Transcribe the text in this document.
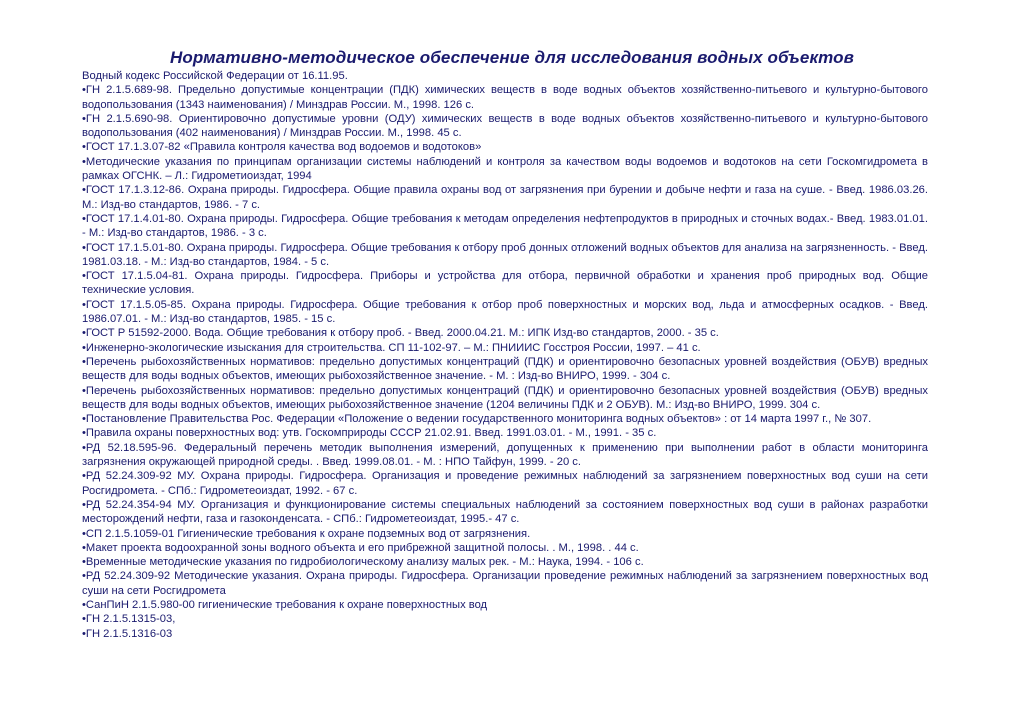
Нормативно-методическое обеспечение для исследования водных объектов

Водный кодекс Российской Федерации от 16.11.95.

•ГН 2.1.5.689-98. Предельно допустимые концентрации (ПДК) химических веществ в воде водных объектов хозяйственно-питьевого и культурно-бытового водопользования (1343 наименования) / Минздрав России. М., 1998. 126 с.
•ГН 2.1.5.690-98. Ориентировочно допустимые уровни (ОДУ) химических веществ в воде водных объектов хозяйственно-питьевого и культурно-бытового водопользования (402 наименования) / Минздрав России. М., 1998. 45 с.
•ГОСТ 17.1.3.07-82 «Правила контроля качества вод водоемов и водотоков»
•Методические указания по принципам организации системы наблюдений и контроля за качеством воды водоемов и водотоков на сети Госкомгидромета в рамках ОГСНК. – Л.: Гидрометиоиздат, 1994
•ГОСТ 17.1.3.12-86. Охрана природы. Гидросфера. Общие правила охраны вод от загрязнения при бурении и добыче нефти и газа на суше. - Введ. 1986.03.26. М.: Изд-во стандартов, 1986. - 7 с.
•ГОСТ 17.1.4.01-80. Охрана природы. Гидросфера. Общие требования к методам определения нефтепродуктов в природных и сточных водах.- Введ. 1983.01.01. - М.: Изд-во стандартов, 1986. - 3 с.
•ГОСТ 17.1.5.01-80. Охрана природы. Гидросфера. Общие требования к отбору проб донных отложений водных объектов для анализа на загрязненность. - Введ. 1981.03.18. - М.: Изд-во стандартов, 1984. - 5 с.
•ГОСТ 17.1.5.04-81. Охрана природы. Гидросфера. Приборы и устройства для отбора, первичной обработки и хранения проб природных вод. Общие технические условия.
•ГОСТ 17.1.5.05-85. Охрана природы. Гидросфера. Общие требования к отбор проб поверхностных и морских вод, льда и атмосферных осадков. - Введ. 1986.07.01. - М.: Изд-во стандартов, 1985. - 15 с.
•ГОСТ Р 51592-2000. Вода. Общие требования к отбору проб. - Введ. 2000.04.21. М.: ИПК Изд-во стандартов, 2000. - 35 с.
•Инженерно-экологические изыскания для строительства. СП 11-102-97. – М.: ПНИИИС Госстроя России, 1997. – 41 с.
•Перечень рыбохозяйственных нормативов: предельно допустимых концентраций (ПДК) и ориентировочно безопасных уровней воздействия (ОБУВ) вредных веществ для воды водных объектов, имеющих рыбохозяйственное значение. - М. : Изд-во ВНИРО, 1999. - 304 с.
•Перечень рыбохозяйственных нормативов: предельно допустимых концентраций (ПДК) и ориентировочно безопасных уровней воздействия (ОБУВ) вредных веществ для воды водных объектов, имеющих рыбохозяйственное значение (1204 величины ПДК и 2 ОБУВ). М.: Изд-во ВНИРО, 1999. 304 с.
•Постановление Правительства Рос. Федерации «Положение о ведении государственного мониторинга водных объектов» : от 14 марта 1997 г., № 307.
•Правила охраны поверхностных вод: утв. Госкомприроды СССР 21.02.91. Введ. 1991.03.01. - М., 1991. - 35 с.
•РД 52.18.595-96. Федеральный перечень методик выполнения измерений, допущенных к применению при выполнении работ в области мониторинга загрязнения окружающей природной среды. . Введ. 1999.08.01. - М. : НПО Тайфун, 1999. - 20 с.
•РД 52.24.309-92 МУ. Охрана природы. Гидросфера. Организация и проведение режимных наблюдений за загрязнением поверхностных вод суши на сети Росгидромета. - СПб.: Гидрометеоиздат, 1992. - 67 с.
•РД 52.24.354-94 МУ. Организация и функционирование системы специальных наблюдений за состоянием поверхностных вод суши в районах разработки месторождений нефти, газа и газоконденсата. - СПб.: Гидрометеоиздат, 1995.- 47 с.
•СП 2.1.5.1059-01 Гигиенические требования к охране подземных вод от загрязнения.
•Макет проекта водоохранной зоны водного объекта и его прибрежной защитной полосы. . М., 1998. . 44 с.
•Временные методические указания по гидробиологическому анализу малых рек. - М.: Наука, 1994. - 106 с.
•РД 52.24.309-92 Методические указания. Охрана природы. Гидросфера. Организации проведение режимных наблюдений за загрязнением поверхностных вод суши на сети Росгидромета
•СанПиН 2.1.5.980-00 гигиенические требования к охране поверхностных вод
•ГН 2.1.5.1315-03,
•ГН 2.1.5.1316-03
